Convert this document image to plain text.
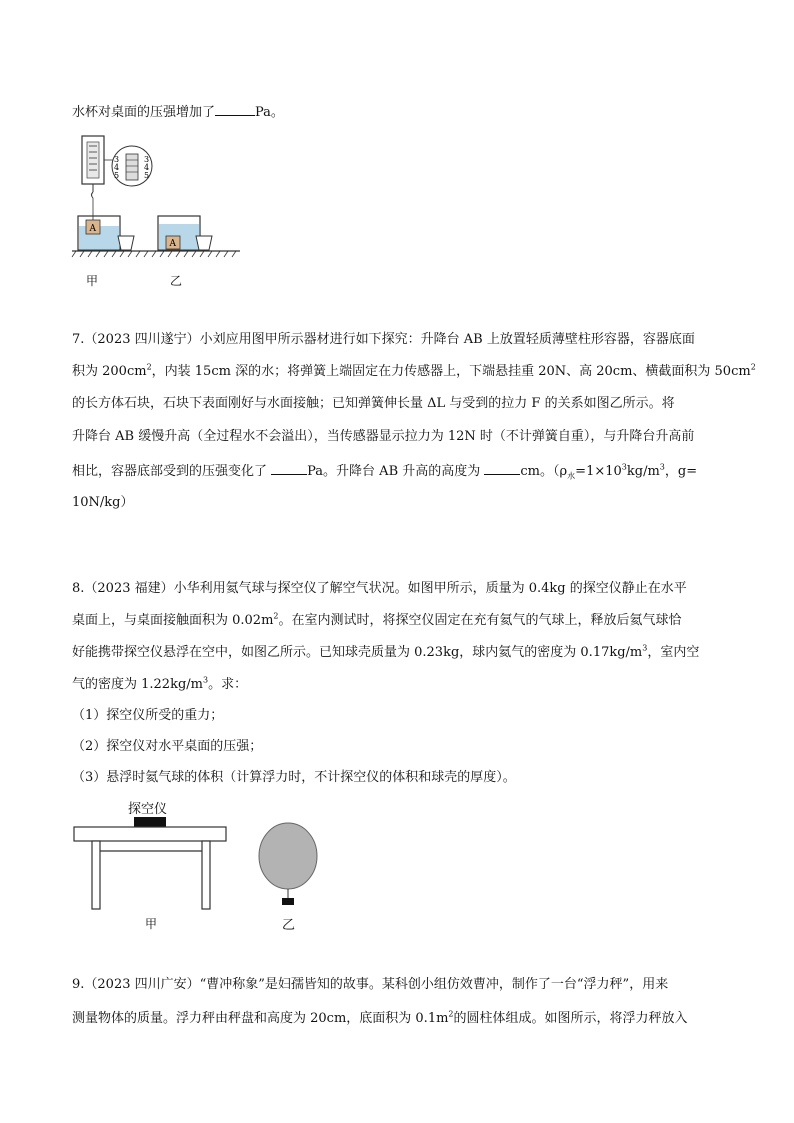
水杯对桌面的压强增加了	Pa。
3
4
5
3
4
5
A
A
甲	乙
7.（2023 四川遂宁）小刘应用图甲所示器材进行如下探究：升降台 AB 上放置轻质薄壁柱形容器，容器底面
积为 $200cm^2$，内装 15cm 深的水；将弹簧上端固定在力传感器上，下端悬挂重 20N、高 20cm、横截面积为 $50cm^2$
的长方体石块，石块下表面刚好与水面接触；已知弹簧伸长量 ΔL 与受到的拉力 F 的关系如图乙所示。将
升降台 AB 缓慢升高（全过程水不会溢出），当传感器显示拉力为 12N 时（不计弹簧自重），与升降台升高前
相比，容器底部受到的压强变化了	Pa。升降台 AB 升高的高度为	cm。（$\rho_水=1\times 10^3kg/m^3$，g=
10N/kg）
8.（2023 福建）小华利用氦气球与探空仪了解空气状况。如图甲所示，质量为 0.4kg 的探空仪静止在水平
桌面上，与桌面接触面积为 $0.02m^2$。在室内测试时，将探空仪固定在充有氦气的气球上，释放后氦气球恰
好能携带探空仪悬浮在空中，如图乙所示。已知球壳质量为 0.23kg，球内氦气的密度为 $0.17kg/m^3$，室内空
气的密度为 $1.22kg/m^3$。求：
（1）探空仪所受的重力；
（2）探空仪对水平桌面的压强；
（3）悬浮时氦气球的体积（计算浮力时，不计探空仪的体积和球壳的厚度）。
探空仪
甲	乙
9.（2023 四川广安）“曹冲称象”是妇孺皆知的故事。某科创小组仿效曹冲，制作了一台“浮力秤”，用来
测量物体的质量。浮力秤由秤盘和高度为 20cm，底面积为 $0.1m^2$的圆柱体组成。如图所示，将浮力秤放入
